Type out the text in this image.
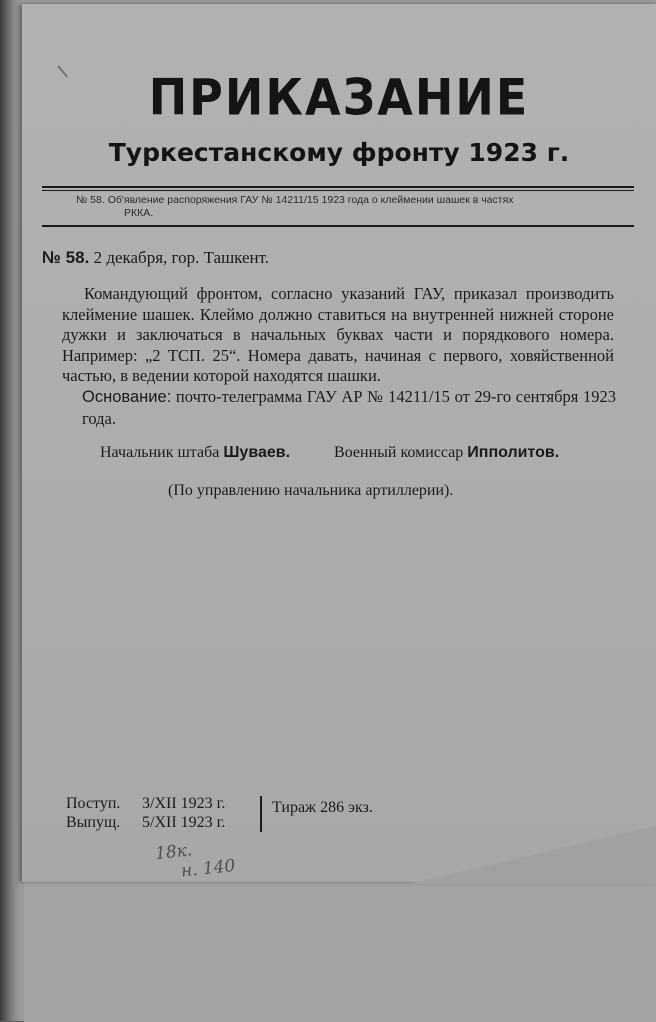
ПРИКАЗАНИЕ
Туркестанскому фронту 1923 г.
№ 58. Об'явление распоряжения ГАУ № 14211/15 1923 года о клеймении шашек в частях
РККА.
№ 58. 2 декабря, гор. Ташкент.

Командующий фронтом, согласно указаний ГАУ, приказал производить клеймение шашек. Клеймо должно ставиться на внутренней нижней стороне дужки и заключаться в начальных буквах части и порядкового номера. Например: „2 ТСП. 25“. Номера давать, начиная с первого, ховяйственной частью, в ведении которой находятся шашки.

Основание: почто-телеграмма ГАУ АР № 14211/15 от 29-го сентября 1923 года.
Начальник штаба Шуваев.	Военный комиссар Ипполитов.
(По управлению начальника артиллерии).
Поступ.	3/XII 1923 г.
Выпущ.	5/XII 1923 г.
Тираж 286 экз.
18к.
н. 140
